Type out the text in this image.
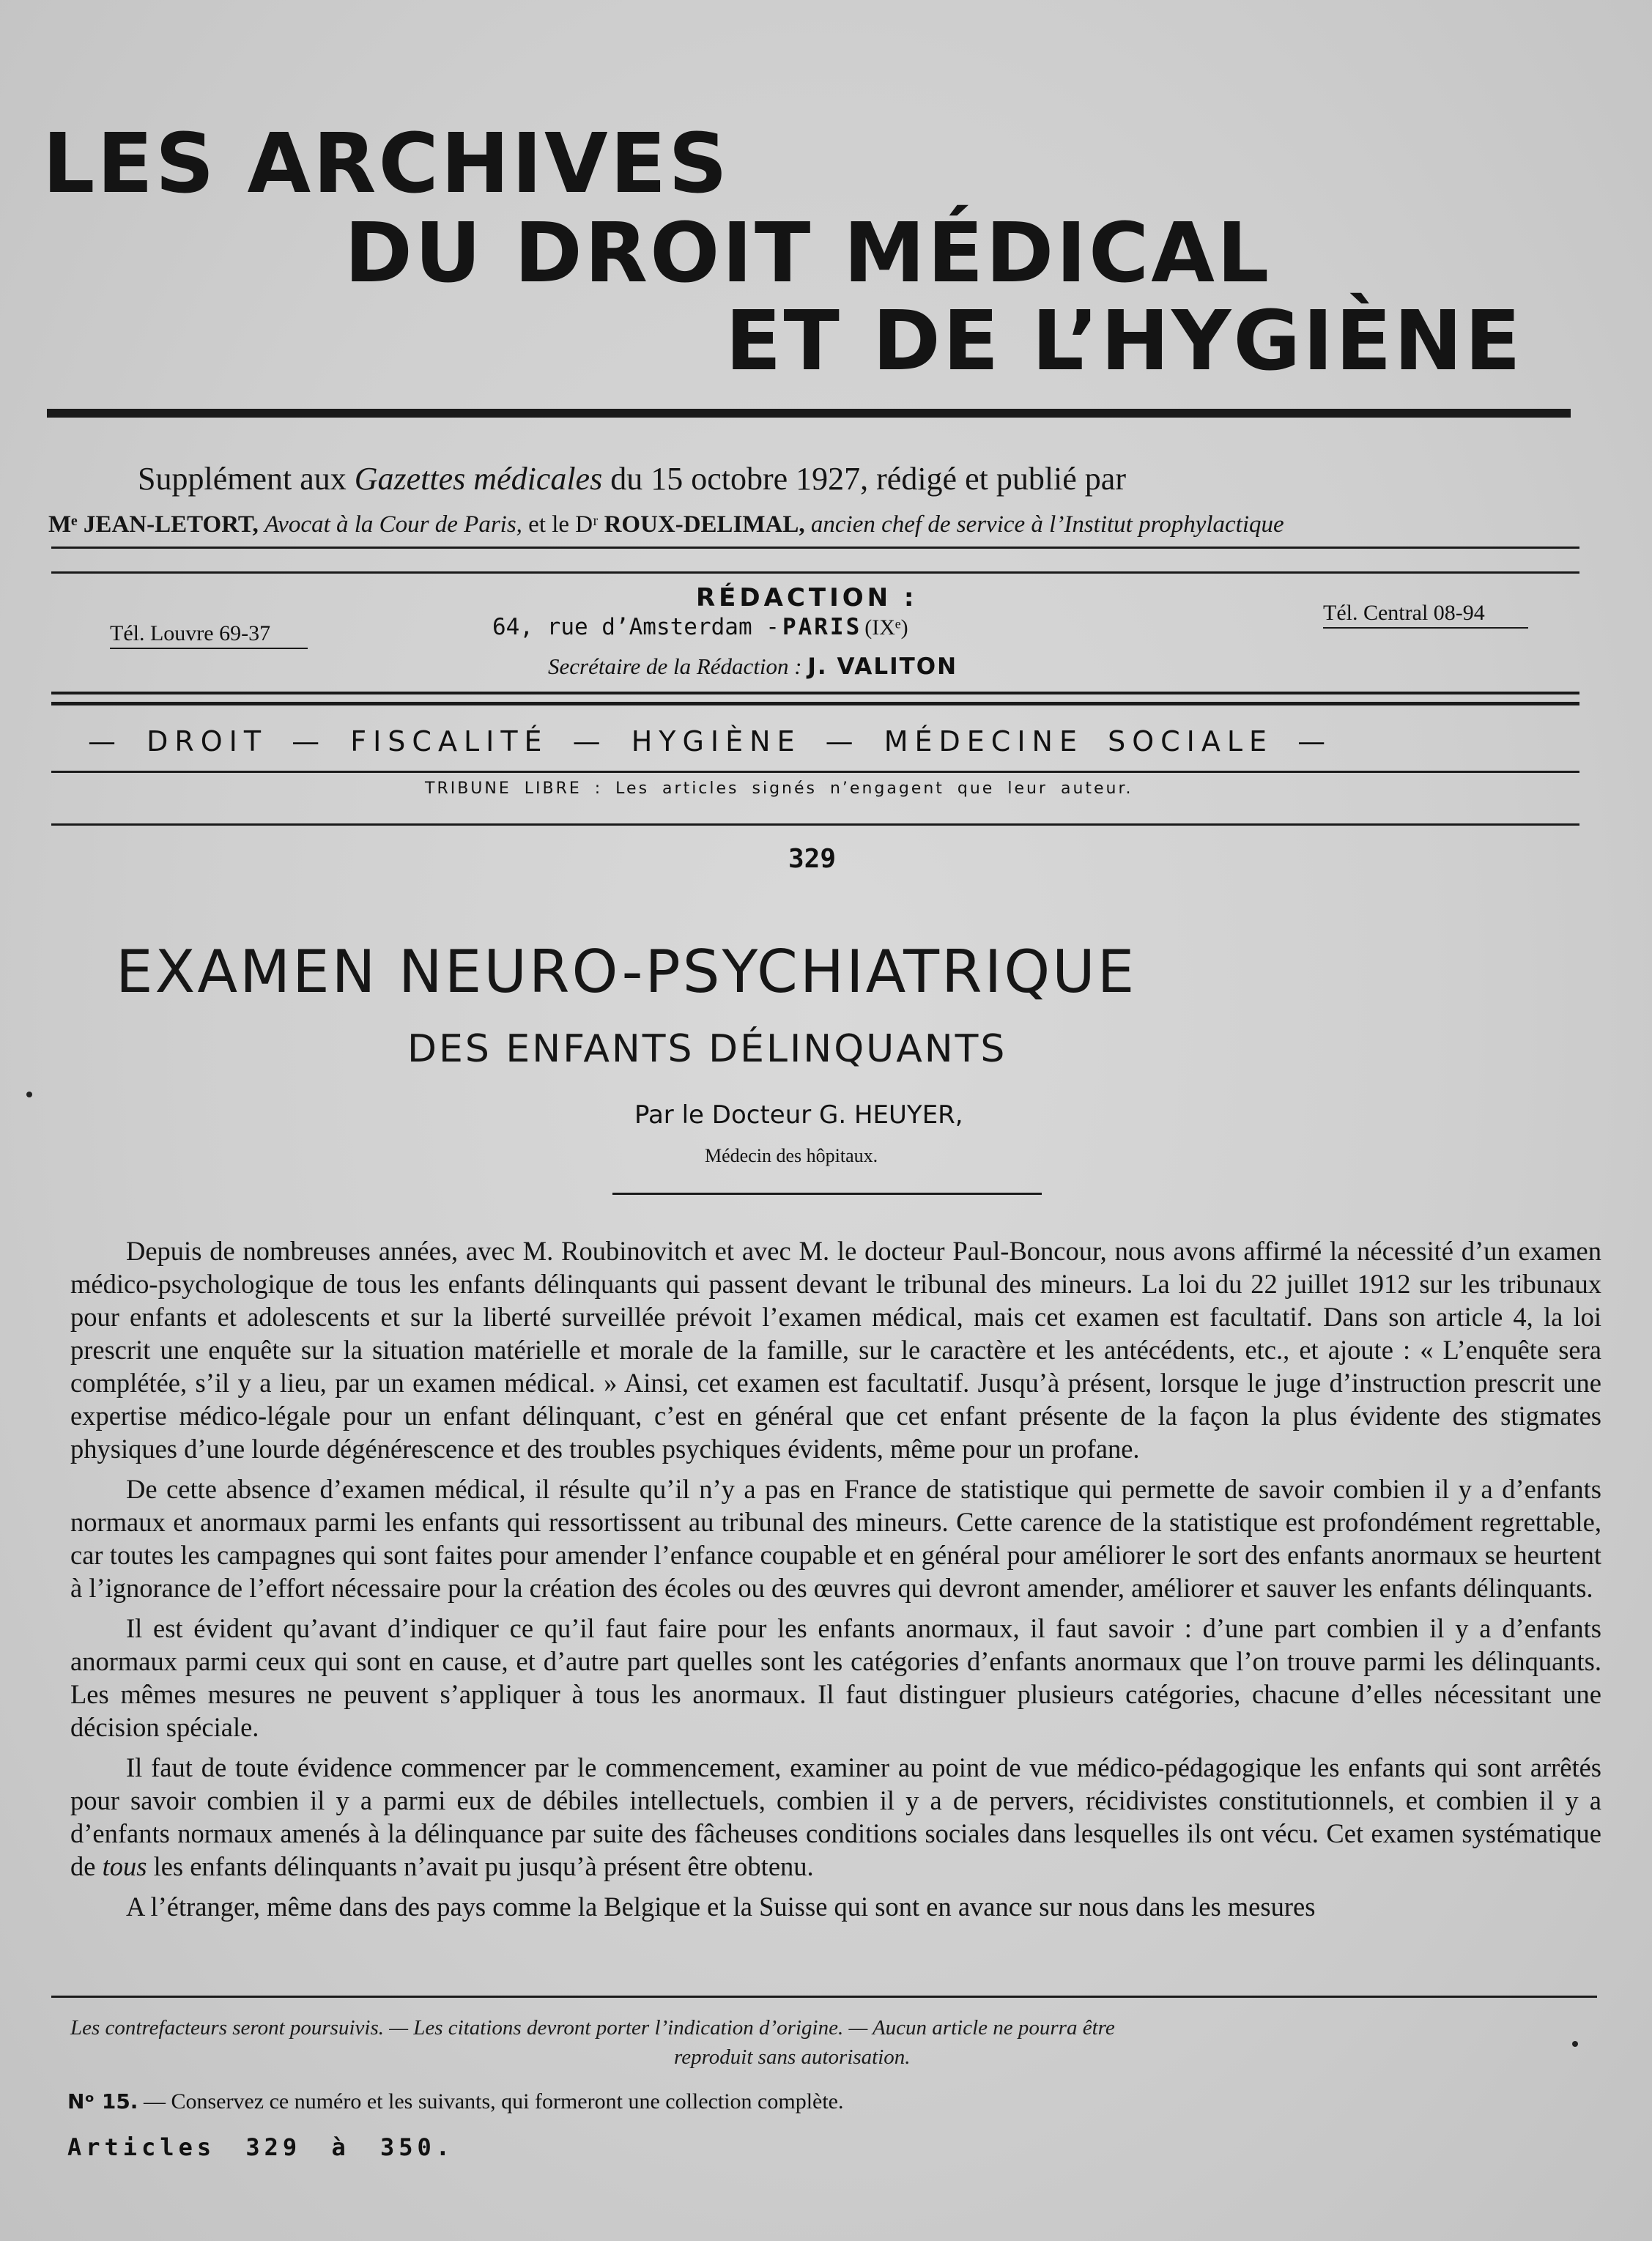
LES ARCHIVES
DU DROIT MÉDICAL
ET DE L’HYGIÈNE
Supplément aux Gazettes médicales du 15 octobre 1927, rédigé et publié par
Mᵉ JEAN-LETORT, Avocat à la Cour de Paris, et le Dʳ ROUX-DELIMAL, ancien chef de service à l’Institut prophylactique
RÉDACTION :
Tél. Louvre 69-37	64, rue d’Amsterdam - PARIS (IXᵉ)
Tél. Central 08-94
Secrétaire de la Rédaction : J. VALITON
— DROIT — FISCALITÉ — HYGIÈNE — MÉDECINE SOCIALE —
TRIBUNE LIBRE : Les articles signés n’engagent que leur auteur.
329
EXAMEN NEURO-PSYCHIATRIQUE
DES ENFANTS DÉLINQUANTS
Par le Docteur G. HEUYER,
Médecin des hôpitaux.

Depuis de nombreuses années, avec M. Roubinovitch et avec M. le docteur Paul-Boncour, nous avons affirmé la nécessité d’un examen médico-psychologique de tous les enfants délinquants qui passent devant le tribunal des mineurs. La loi du 22 juillet 1912 sur les tribunaux pour enfants et adolescents et sur la liberté surveillée prévoit l’examen médical, mais cet examen est facultatif. Dans son article 4, la loi prescrit une enquête sur la situation matérielle et morale de la famille, sur le caractère et les antécédents, etc., et ajoute : « L’enquête sera complétée, s’il y a lieu, par un examen médical. » Ainsi, cet examen est facultatif. Jusqu’à présent, lorsque le juge d’instruction prescrit une expertise médico-légale pour un enfant délinquant, c’est en général que cet enfant présente de la façon la plus évidente des stigmates physiques d’une lourde dégénérescence et des troubles psychiques évidents, même pour un profane.

De cette absence d’examen médical, il résulte qu’il n’y a pas en France de statistique qui permette de savoir combien il y a d’enfants normaux et anormaux parmi les enfants qui ressortissent au tribunal des mineurs. Cette carence de la statistique est profondément regrettable, car toutes les campagnes qui sont faites pour amender l’enfance coupable et en général pour améliorer le sort des enfants anormaux se heurtent à l’ignorance de l’effort nécessaire pour la création des écoles ou des œuvres qui devront amender, améliorer et sauver les enfants délinquants.

Il est évident qu’avant d’indiquer ce qu’il faut faire pour les enfants anormaux, il faut savoir : d’une part combien il y a d’enfants anormaux parmi ceux qui sont en cause, et d’autre part quelles sont les catégories d’enfants anormaux que l’on trouve parmi les délinquants. Les mêmes mesures ne peuvent s’appliquer à tous les anormaux. Il faut distinguer plusieurs catégories, chacune d’elles nécessitant une décision spéciale.

Il faut de toute évidence commencer par le commencement, examiner au point de vue médico-pédagogique les enfants qui sont arrêtés pour savoir combien il y a parmi eux de débiles intellectuels, combien il y a de pervers, récidivistes constitutionnels, et combien il y a d’enfants normaux amenés à la délinquance par suite des fâcheuses conditions sociales dans lesquelles ils ont vécu. Cet examen systématique de tous les enfants délinquants n’avait pu jusqu’à présent être obtenu.

A l’étranger, même dans des pays comme la Belgique et la Suisse qui sont en avance sur nous dans les mesures

Les contrefacteurs seront poursuivis. — Les citations devront porter l’indication d’origine. — Aucun article ne pourra être
reproduit sans autorisation.
Nᵒ 15. — Conservez ce numéro et les suivants, qui formeront une collection complète.
Articles 329 à 350.
